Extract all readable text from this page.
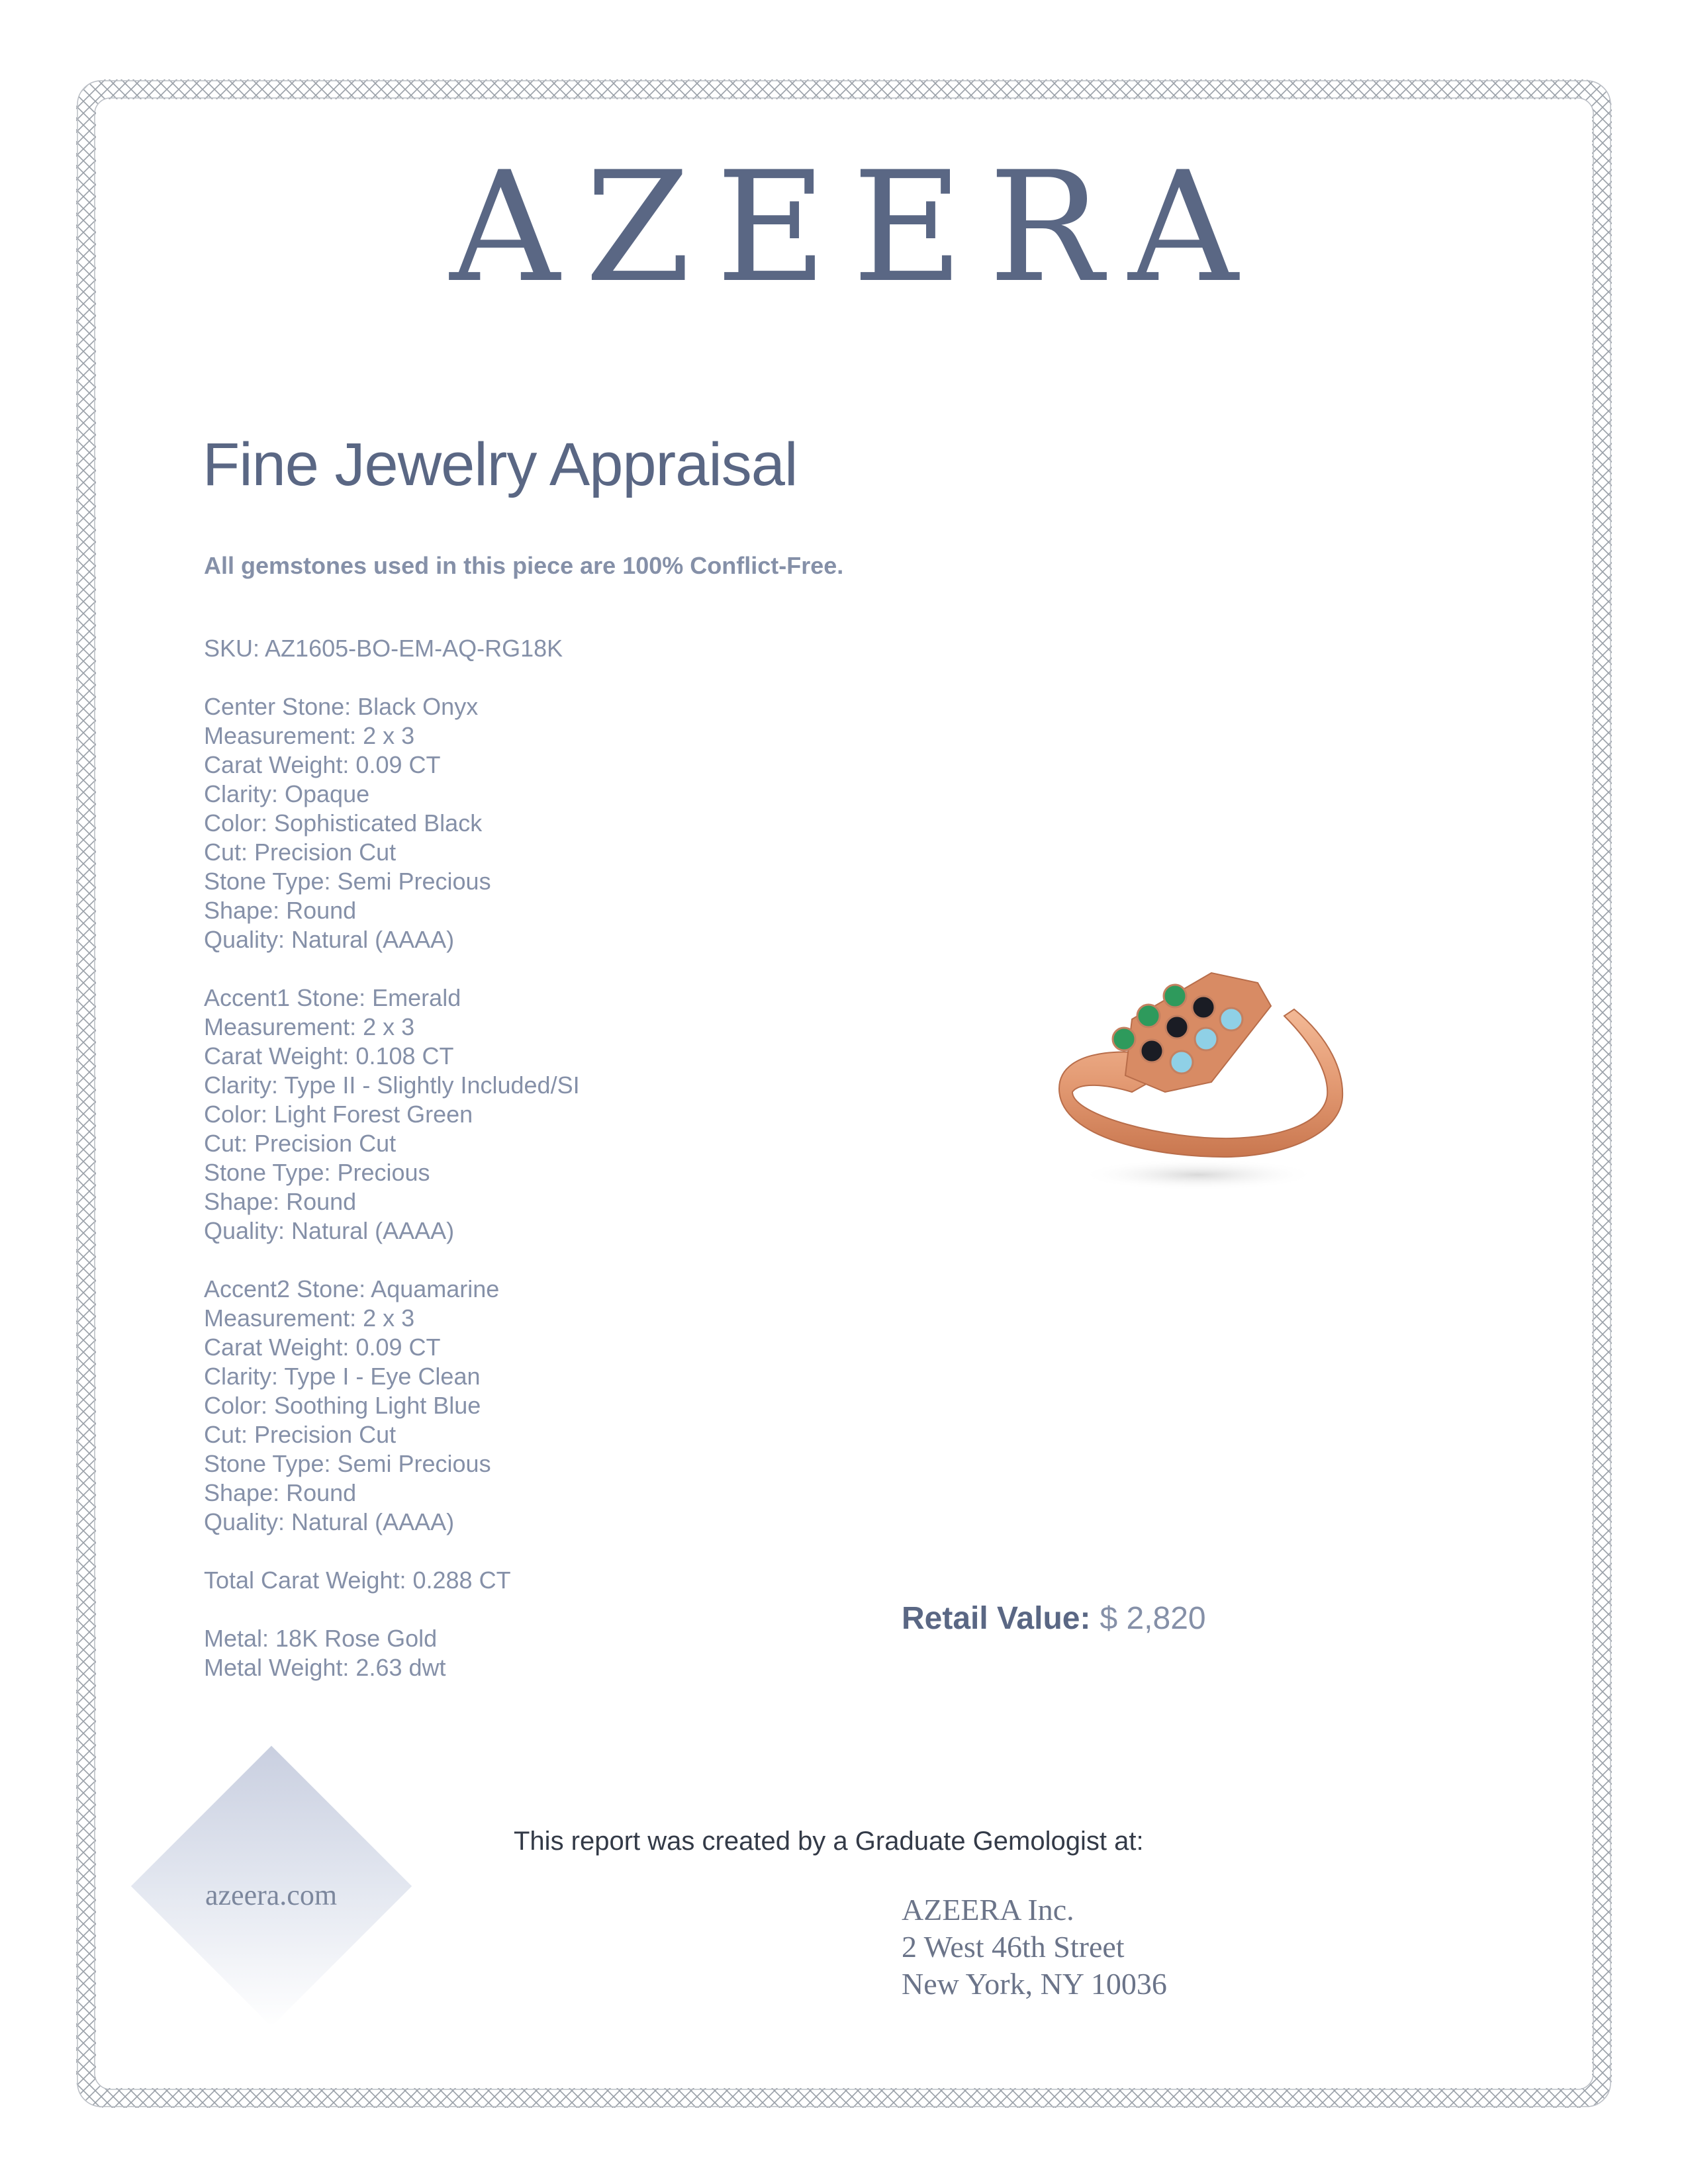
AZEERA
Fine Jewelry Appraisal
All gemstones used in this piece are 100% Conflict-Free.
SKU: AZ1605-BO-EM-AQ-RG18K
Center Stone: Black Onyx
Measurement: 2 x 3
Carat Weight: 0.09 CT
Clarity: Opaque
Color: Sophisticated Black
Cut: Precision Cut
Stone Type: Semi Precious
Shape: Round
Quality: Natural (AAAA)
Accent1 Stone: Emerald
Measurement: 2 x 3
Carat Weight: 0.108 CT
Clarity: Type II - Slightly Included/SI
Color: Light Forest Green
Cut: Precision Cut
Stone Type: Precious
Shape: Round
Quality: Natural (AAAA)
Accent2 Stone: Aquamarine
Measurement: 2 x 3
Carat Weight: 0.09 CT
Clarity: Type I - Eye Clean
Color: Soothing Light Blue
Cut: Precision Cut
Stone Type: Semi Precious
Shape: Round
Quality: Natural (AAAA)
Total Carat Weight: 0.288 CT
Metal: 18K Rose Gold
Metal Weight: 2.63 dwt
Retail Value: $ 2,820
azeera.com
This report was created by a Graduate Gemologist at:
AZEERA Inc.
2 West 46th Street
New York, NY 10036
